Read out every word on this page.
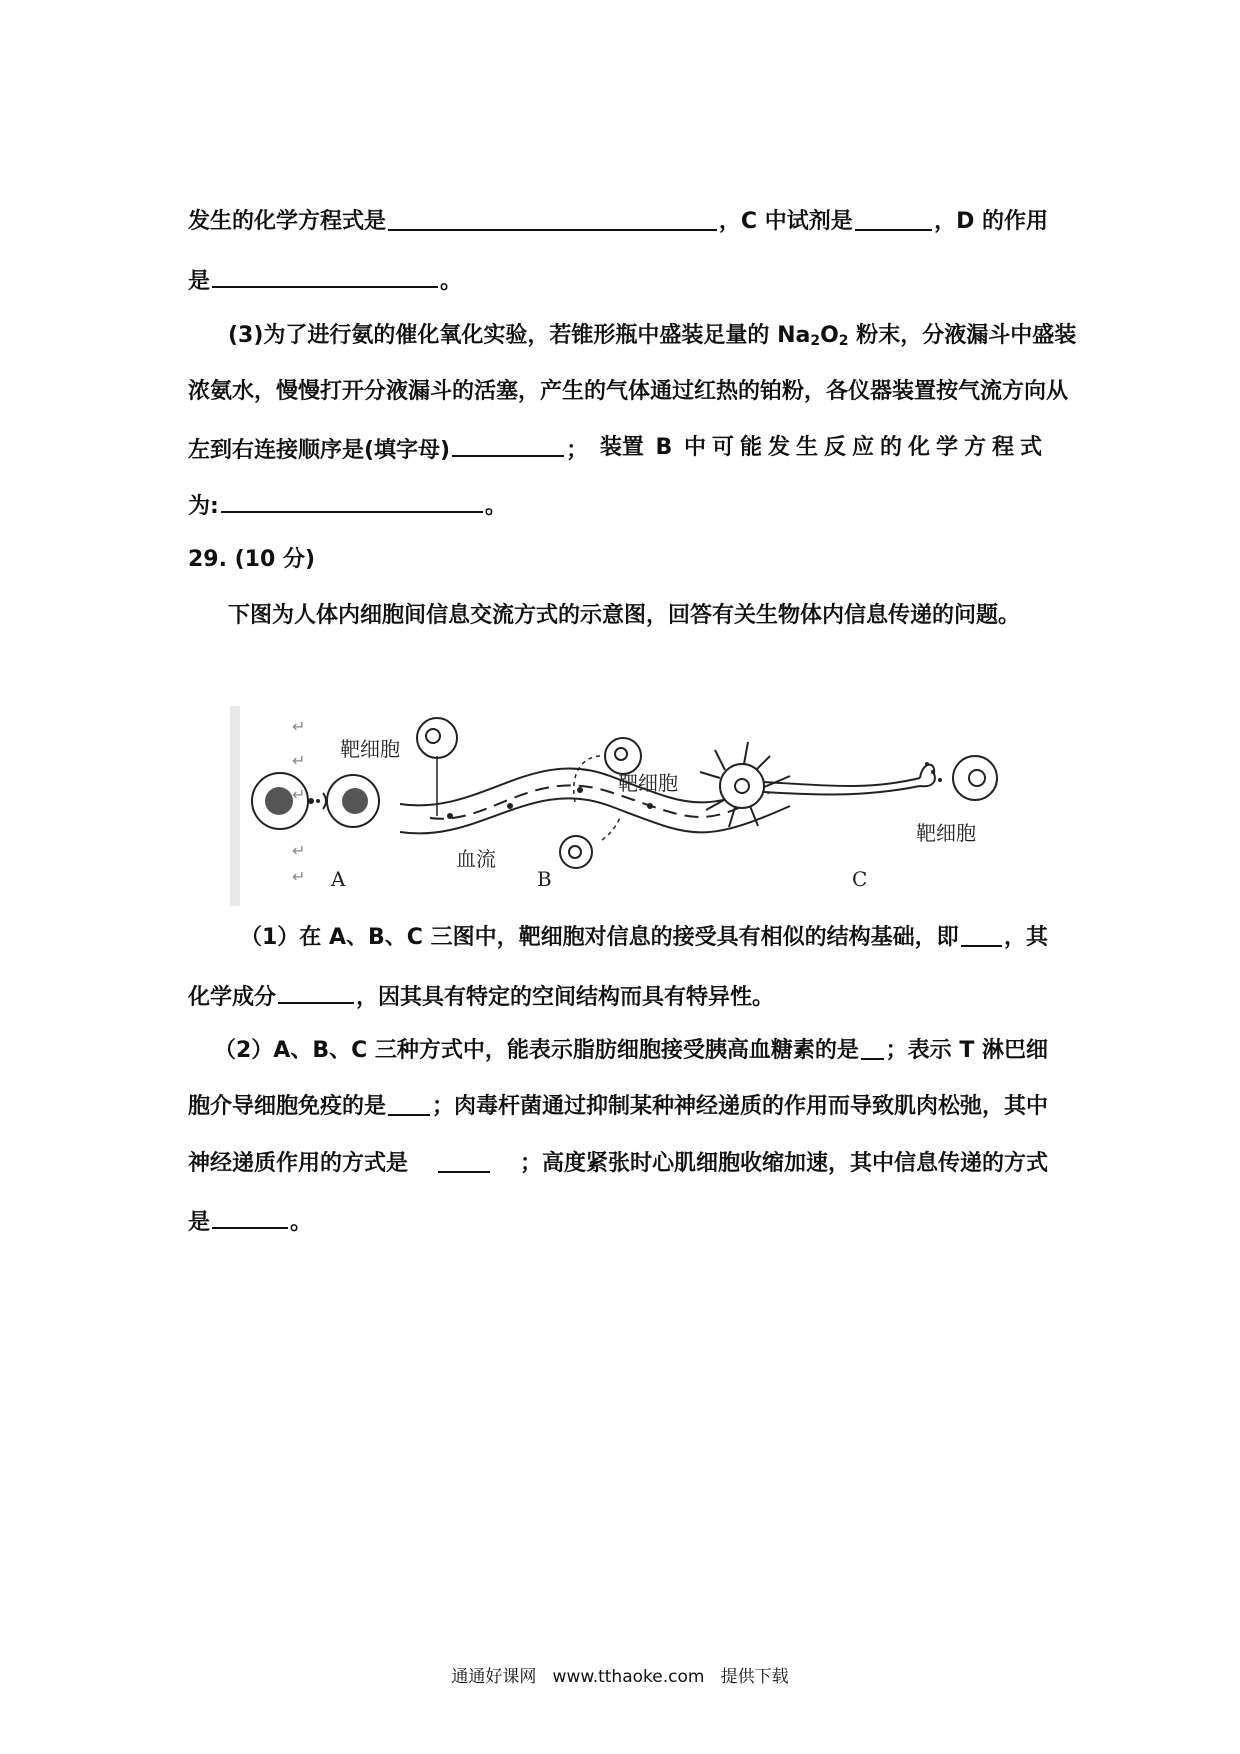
发生的化学方程式是	，C 中试剂是	，D 的作用
是	。
(3)为了进行氨的催化氧化实验，若锥形瓶中盛装足量的 $Na_2O_2$ 粉末，分液漏斗中盛装
浓氨水，慢慢打开分液漏斗的活塞，产生的气体通过红热的铂粉，各仪器装置按气流方向从
左到右连接顺序是(填字母)	； 装置 B 中可能发生反应的化学方程式
为:	。
29. (10 分)
下图为人体内细胞间信息交流方式的示意图，回答有关生物体内信息传递的问题。
↵
↵
↵
↵
↵
靶细胞
A
靶细胞
血流
B
靶细胞
C
（1）在 A、B、C 三图中，靶细胞对信息的接受具有相似的结构基础，即 ，其
化学成分	，因其具有特定的空间结构而具有特异性。
（2）A、B、C 三种方式中，能表示脂肪细胞接受胰高血糖素的是 ；表示 T 淋巴细
胞介导细胞免疫的是 ；肉毒杆菌通过抑制某种神经递质的作用而导致肌肉松弛，其中
神经递质作用的方式是	；高度紧张时心肌细胞收缩加速，其中信息传递的方式
是	。
通通好课网 www.tthaoke.com 提供下载
